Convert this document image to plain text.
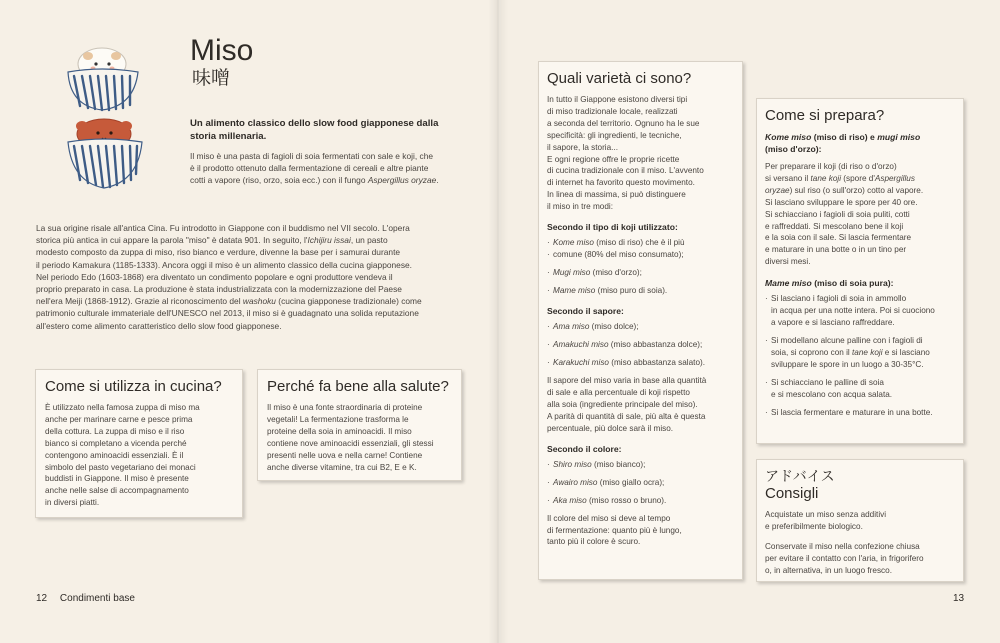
Miso
味噌

Un alimento classico dello slow food giapponese dalla storia millenaria.

Il miso è una pasta di fagioli di soia fermentati con sale e koji, che

è il prodotto ottenuto dalla fermentazione di cereali e altre piante

cotti a vapore (riso, orzo, soia ecc.) con il fungo Aspergillus oryzae.

La sua origine risale all'antica Cina. Fu introdotto in Giappone con il buddismo nel VII secolo. L'opera

storica più antica in cui appare la parola "miso" è datata 901. In seguito, l'Ichijiru issai, un pasto

modesto composto da zuppa di miso, riso bianco e verdure, divenne la base per i samurai durante

il periodo Kamakura (1185-1333). Ancora oggi il miso è un alimento classico della cucina giapponese.

Nel periodo Edo (1603-1868) era diventato un condimento popolare e ogni produttore vendeva il

proprio preparato in casa. La produzione è stata industrializzata con la modernizzazione del Paese

nell'era Meiji (1868-1912). Grazie al riconoscimento del washoku (cucina giapponese tradizionale) come

patrimonio culturale immateriale dell'UNESCO nel 2013, il miso si è guadagnato una solida reputazione

all'estero come alimento caratteristico dello slow food giapponese.

Come si utilizza in cucina?

È utilizzato nella famosa zuppa di miso ma

anche per marinare carne e pesce prima

della cottura. La zuppa di miso e il riso

bianco si completano a vicenda perché

contengono aminoacidi essenziali. È il

simbolo del pasto vegetariano dei monaci

buddisti in Giappone. Il miso è presente

anche nelle salse di accompagnamento

in diversi piatti.

Perché fa bene alla salute?

Il miso è una fonte straordinaria di proteine

vegetali! La fermentazione trasforma le

proteine della soia in aminoacidi. Il miso

contiene nove aminoacidi essenziali, gli stessi

presenti nelle uova e nella carne! Contiene

anche diverse vitamine, tra cui B2, E e K.

12 Condimenti base
Quali varietà ci sono?

In tutto il Giappone esistono diversi tipi

di miso tradizionale locale, realizzati

a seconda del territorio. Ognuno ha le sue

specificità: gli ingredienti, le tecniche,

il sapore, la storia...

E ogni regione offre le proprie ricette

di cucina tradizionale con il miso. L'avvento

di internet ha favorito questo movimento.

In linea di massima, si può distinguere

il miso in tre modi:

Secondo il tipo di koji utilizzato:

· Kome miso (miso di riso) che è il più

· comune (80% del miso consumato);

· Mugi miso (miso d'orzo);

· Mame miso (miso puro di soia).

Secondo il sapore:

· Ama miso (miso dolce);

· Amakuchi miso (miso abbastanza dolce);

· Karakuchi miso (miso abbastanza salato).

Il sapore del miso varia in base alla quantità

di sale e alla percentuale di koji rispetto

alla soia (ingrediente principale del miso).

A parità di quantità di sale, più alta è questa

percentuale, più dolce sarà il miso.

Secondo il colore:

· Shiro miso (miso bianco);

· Awairo miso (miso giallo ocra);

· Aka miso (miso rosso o bruno).

Il colore del miso si deve al tempo

di fermentazione: quanto più è lungo,

tanto più il colore è scuro.

Come si prepara?

Kome miso (miso di riso) e mugi miso

(miso d'orzo):

Per preparare il koji (di riso o d'orzo)

si versano il tane koji (spore d'Aspergillus

oryzae) sul riso (o sull'orzo) cotto al vapore.

Si lasciano sviluppare le spore per 40 ore.

Si schiacciano i fagioli di soia puliti, cotti

e raffreddati. Si mescolano bene il koji

e la soia con il sale. Si lascia fermentare

e maturare in una botte o in un tino per

diversi mesi.

Mame miso (miso di soia pura):

· Si lasciano i fagioli di soia in ammollo
in acqua per una notte intera. Poi si cuociono
a vapore e si lasciano raffreddare.
· Si modellano alcune palline con i fagioli di
soia, si coprono con il tane koji e si lasciano
sviluppare le spore in un luogo a 30-35°C.
· Si schiacciano le palline di soia
e si mescolano con acqua salata.
· Si lascia fermentare e maturare in una botte.
アドバイス
Consigli

Acquistate un miso senza additivi

e preferibilmente biologico.

Conservate il miso nella confezione chiusa

per evitare il contatto con l'aria, in frigorifero

o, in alternativa, in un luogo fresco.

13
